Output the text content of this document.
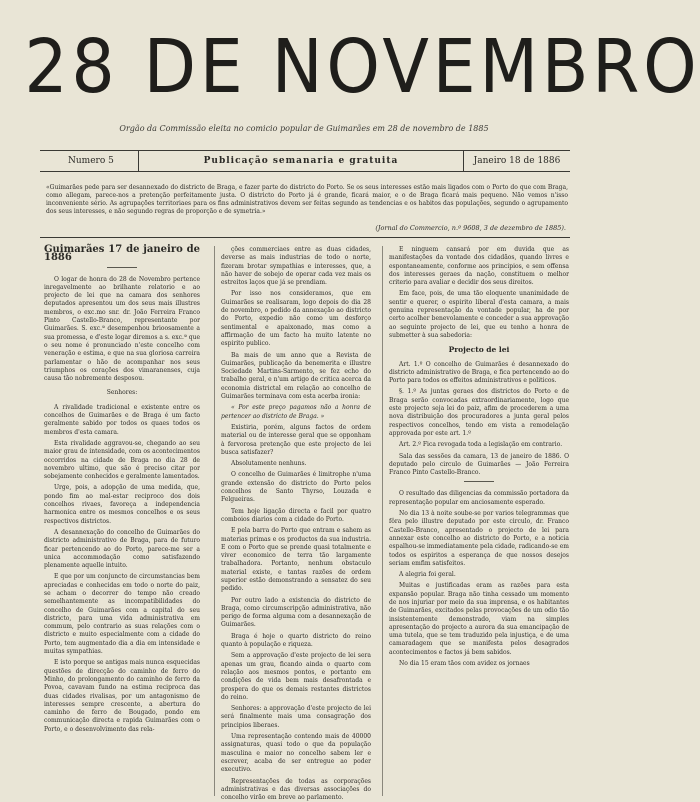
28 DE NOVEMBRO
Orgão da Commissão eleita no comicio popular de Guimarães em 28 de novembro de 1885
Numero 5	Publicação semanaria e gratuita	Janeiro 18 de 1886
«Guimarães pede para ser desannexado do districto de Braga, e fazer parte do districto do Porto. Se os seus interesses estão mais ligados com o Porto do que com Braga, como allegam, parece-nos a pretenção perfeitamente justa. O districto do Porto já é grande, ficará maior, e o de Braga ficará mais pequeno. Não vemos n'isso inconveniente sério. As agrupações territoriaes para os fins administrativos devem ser feitas segundo as tendencias e os habitos das populações, segundo o agrupamento dos seus interesses, e não segundo regras de proporção e de symetria.»
(Jornal do Commercio, n.º 9608, 3 de dezembro de 1885).

Guimarães 17 de janeiro de 1886

O logar de honra do 28 de Novembro pertence inregavelmente ao brilhante relatorio e ao projecto de lei que na camara dos senhores deputados apresentou um dos seus mais illustres membros, o exc.mo snr. dr. João Ferreira Franco Pinto Castello-Branco, representante por Guimarães. S. exc.ª desempenhou brioosamente a sua promessa, e d'este logar diremos a s. exc.ª que o seu nome é pronunciado n'este concelho com veneração e estima, e que na sua gloriosa carreira parlamentar o hão de acompanhar nos seus triumphos os corações dos vimaranenses, cuja causa tão nobremente desposou.

Senhores:

A rivalidade tradicional e existente entre os concelhos de Guimarães e de Braga é um facto geralmente sabido por todos os quaes todos os membros d'esta camara.

Esta rivalidade aggravou-se, chegando ao seu maior grau de intensidade, com os acontecimentos occorridos na cidade de Braga no dia 28 de novembro ultimo, que são é preciso citar por sobejamente conhecidos e geralmente lamentados.

Urge, pois, a adopção de uma medida, que, pondo fim ao mal-estar reciproco dos dois concelhos rivaes, favoreça a independencia harmonica entre os mesmos concelhos e os seus respectivos districtos.

A desannexação do concelho de Guimarães do districto administrativo de Braga, para de futuro ficar pertencendo ao do Porto, parece-me ser a unica accommodação como satisfazendo plenamente aquelle intuito.

E que por um conjuncto de circumstancias bem apreciadas e conhecidas em todo o norte do paiz, se acham o decorrer do tempo não creado semelhantemente as incompatibilidades do concelho de Guimarães com a capital do seu districto, para uma vida administrativa em commum, pelo contrario as suas relações com o districto e muito especialmente com a cidade do Porto, tem augmentado dia a dia em intensidade e muitas sympathias.

E isto porque se antigas mais nunca esquecidas questões de direcção do caminho de ferro do Minho, do prolongamento do caminho de ferro da Povoa, cavavam fundo na estima reciproca das duas cidades rivalisas, por um antagonismo de interesses sempre crescente, a abertura do caminho de ferro de Bougado, pondo em communicação directa e rapida Guimarães com o Porto, e o desenvolvimento das rela-

ções commerciaes entre as duas cidades, deverse as mais industrias de todo o norte, fizeram brotar sympathias e interesses, que, a não haver de sobejo de operar cada vez mais os estreitos laços que já se prendiam.

Por isso nos consideramos, que em Guimarães se realisaram, logo depois do dia 28 de novembro, o pedido da annexação ao districto do Porto, expedio não como um desforço sentimental e apaixonado, mas como a affirmação de um facto ha muito latente no espirito publico.

Ba mais de um anno que a Revista de Guimarães, publicação da benemerita e illustre Sociedade Martins-Sarmento, se fez echo do trabalho geral, e n'um artigo de critica acerca da economia districtal em relação ao concelho de Guimarães terminava com esta acerba ironia:

« Por este preço pagamos não a honra de pertencer ao districto de Braga. »

Existiria, porém, alguns factos de ordem material ou de interesse geral que se opponham à fervorosa pretenção que este projecto de lei busca satisfazer?

Absolutamente nenhuns.

O concelho de Guimarães é limitrophe n'uma grande extensão do districto do Porto pelos concelhos de Santo Thyrso, Louzada e Felgueiras.

Tem hoje ligação directa e facil por quatro comboios diarios com a cidade do Porto.

E pela barra do Porto que entram e sahem as materias primas e os productos da sua industria. E com o Porto que se prende quasi totalmente e viver economico de terra tão largamente trabalhadora. Portanto, nenhum obstaculo material existe, e tantas razões de ordem superior estão demonstrando a sensatez do seu pedido.

Por outro lado a existencia do districto de Braga, como circumscripção administrativa, não perigo de forma alguma com a desannexação de Guimarães.

Braga é hoje o quarto districto do reino quanto à população e riqueza.

Sem a approvação d'este projecto de lei sera apenas um grau, ficando ainda o quarto com relação aos mesmos pontos, e portanto em condições de vida bem mais desafrontada e prospera do que os demais restantes districtos do reino.

Senhores: a approvação d'este projecto de lei será finalmente mais uma consagração dos principios liberaes.

Uma representação contendo mais de 40000 assignaturas, quasi todo o que da população masculina e maior no concelho sabem ler e escrever, acaba de ser entregue ao poder executivo.

Representações de todas as corporações administrativas e das diversas associações do concelho virão em breve ao parlamento.

E ninguem cansará por em duvida que as manifestações da vontade dos cidadãos, quando livres e espontaneamente, conforme aos principios, e sem offensa dos interesses geraes da nação, constituem o melhor criterio para avaliar e decidir dos seus direitos.

Em face, pois, de uma tão eloquente unanimidade de sentir e querer, o espirito liberal d'esta camara, a mais genuina representação da vontade popular, ha de por certo acolher benevolamente e conceder a sua approvação ao seguinte projecto de lei, que eu tenho a honra de submetter à sua sabedoria:

Projecto de lei

Art. 1.º O concelho de Guimarães é desannexado do districto administrativo de Braga, e fica pertencendo ao do Porto para todos os effeitos administrativos e politicos.

§. 1.º As juntas geraes dos districtos do Porto e de Braga serão convocadas extraordinariamente, logo que este projecto seja lei do paiz, afim de procederem a uma nova distribuição dos procuradores a junta geral pelos respectivos concelhos, tendo em vista a remodelação approvada por este art. 1.º

Art. 2.º Fica revogada toda a legislação em contrario.

Sala das sessões da camara, 13 de janeiro de 1886. O deputado pelo circulo de Guimarães — João Ferreira Franco Pinto Castello-Branco.

O resultado das diligencias da commissão portadora da representação popular em anciosamente esperado.

No dia 13 à noite soube-se por varios telegrammas que fôra pelo illustre deputado por este circulo, dr. Franco Castello-Branco, apresentado o projecto de lei para annexar este concelho ao districto do Porto, e a noticia espalhou-se immediatamente pela cidade, radicando-se em todos os espiritos a esperança de que nossos desejos seriam emfim satisfeitos.

A alegria foi geral.

Muitas e justificadas eram as razões para esta expansão popular. Braga não tinha cessado um momento de nos injuriar por meio da sua imprensa, e os habitantes de Guimarães, excitados pelas provocações de um odio tão insistentemente demonstrado, viam na simples apresentação do projecto a aurora da sua emancipação de uma tutela, que se tem traduzido pela injustiça, e de uma camaradagem que se manifesta pelos desagrados acontecimentos e factos já bem sabidos.

No dia 15 eram tãos com avidez os jornaes
